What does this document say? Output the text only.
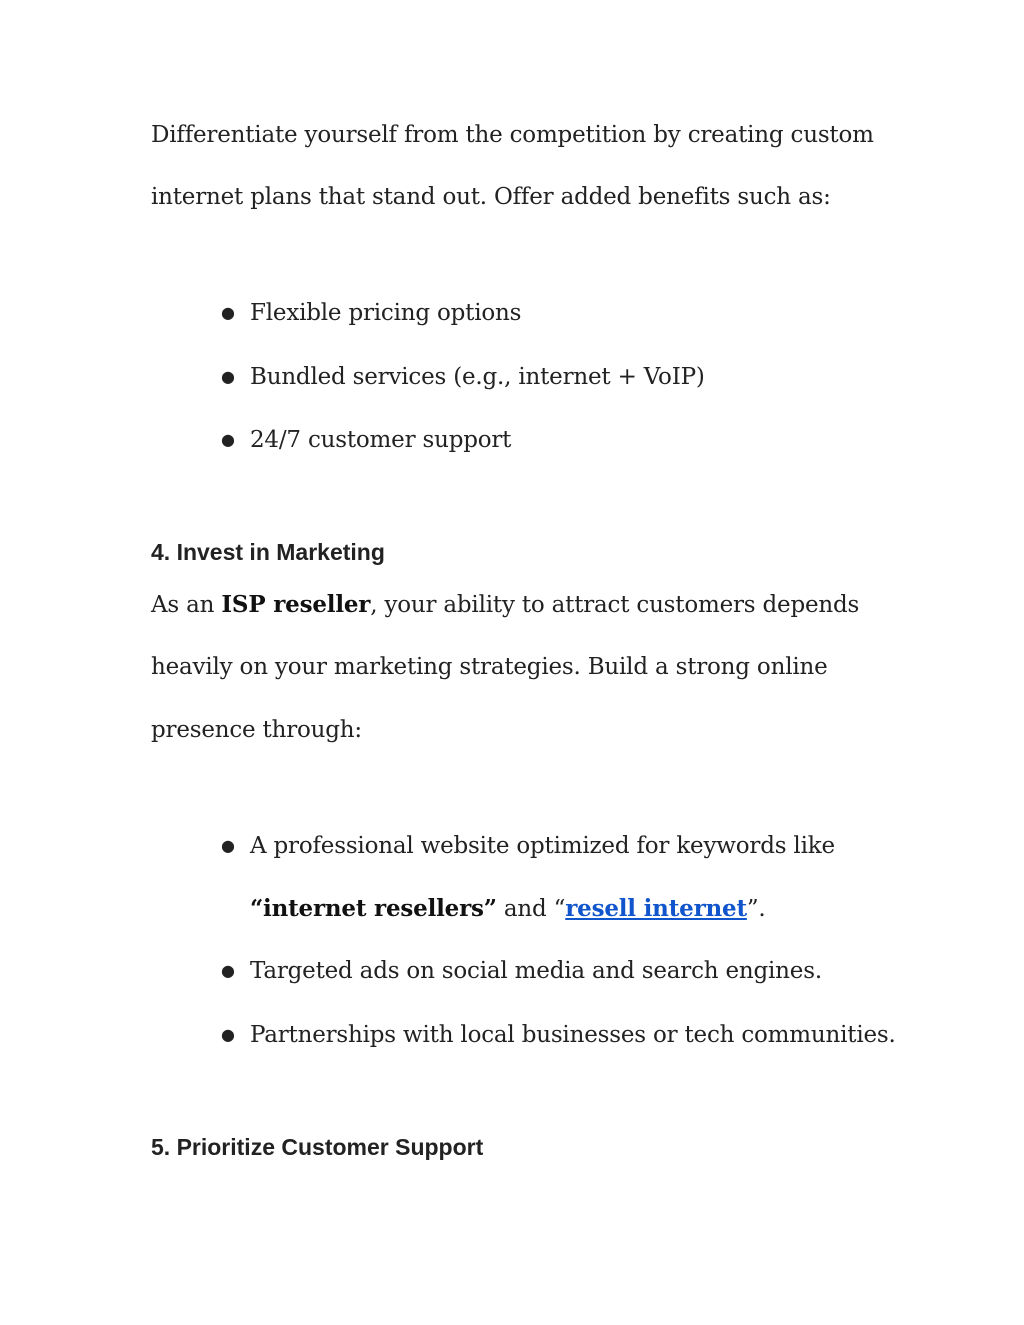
Differentiate yourself from the competition by creating custom
internet plans that stand out. Offer added benefits such as:
● Flexible pricing options
● Bundled services (e.g., internet + VoIP)
● 24/7 customer support
4. Invest in Marketing
As an ISP reseller, your ability to attract customers depends
heavily on your marketing strategies. Build a strong online
presence through:
● A professional website optimized for keywords like
“internet resellers” and “resell internet”.
● Targeted ads on social media and search engines.
● Partnerships with local businesses or tech communities.
5. Prioritize Customer Support
